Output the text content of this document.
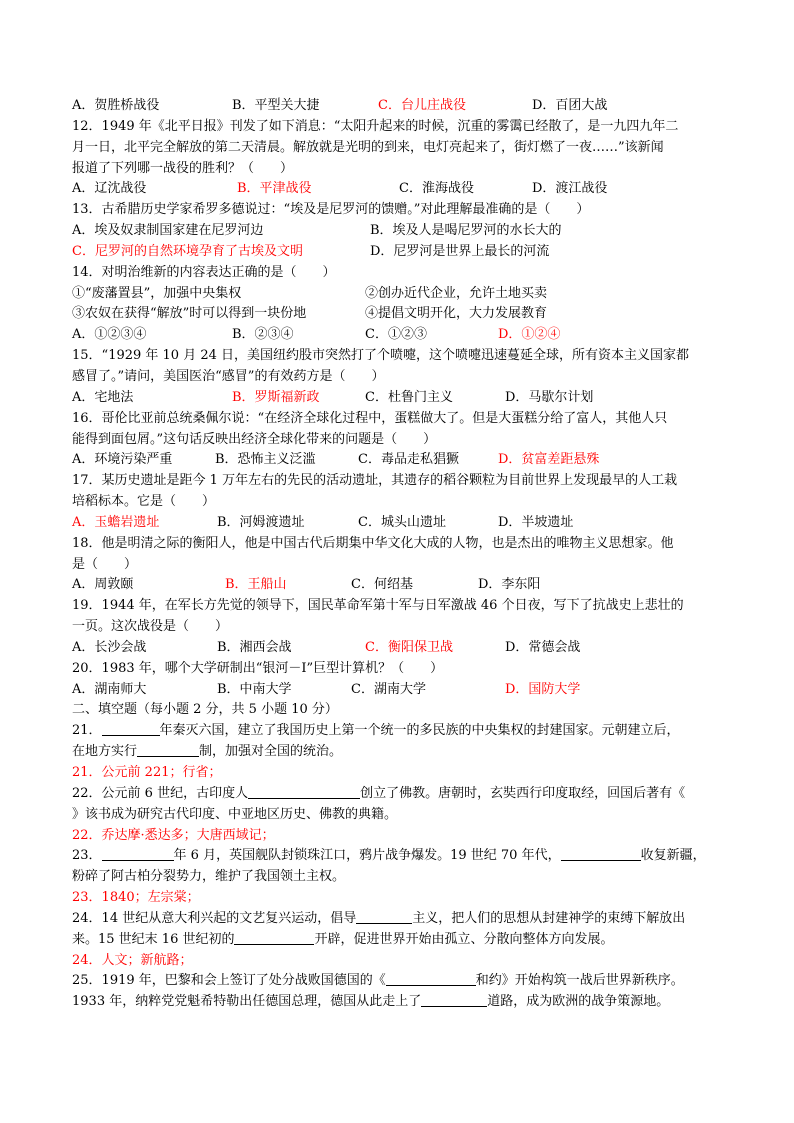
A．贺胜桥战役	B．平型关大捷	C．台儿庄战役	D．百团大战
12．1949 年《北平日报》刊发了如下消息：“太阳升起来的时候，沉重的雾霭已经散了，是一九四九年二
月一日，北平完全解放的第二天清晨。解放就是光明的到来，电灯亮起来了，街灯燃了一夜……”该新闻
报道了下列哪一战役的胜利？（　　）
A．辽沈战役	B．平津战役	C．淮海战役	D．渡江战役
13．古希腊历史学家希罗多德说过：“埃及是尼罗河的馈赠。”对此理解最准确的是（　　）
A．埃及奴隶制国家建在尼罗河边	B．埃及人是喝尼罗河的水长大的
C．尼罗河的自然环境孕育了古埃及文明	D．尼罗河是世界上最长的河流
14．对明治维新的内容表达正确的是（　　）
①“废藩置县”，加强中央集权	②创办近代企业，允许土地买卖
③农奴在获得“解放”时可以得到一块份地	④提倡文明开化，大力发展教育
A．①②③④	B．②③④	C．①②③	D．①②④
15．“1929 年 10 月 24 日，美国纽约股市突然打了个喷嚏，这个喷嚏迅速蔓延全球，所有资本主义国家都
感冒了。”请问，美国医治“感冒”的有效药方是（　　）
A．宅地法	B．罗斯福新政	C．杜鲁门主义	D．马歇尔计划
16．哥伦比亚前总统桑佩尔说：“在经济全球化过程中，蛋糕做大了。但是大蛋糕分给了富人，其他人只
能得到面包屑。”这句话反映出经济全球化带来的问题是（　　）
A．环境污染严重	B．恐怖主义泛滥	C．毒品走私猖獗	D．贫富差距悬殊
17．某历史遗址是距今 1 万年左右的先民的活动遗址，其遗存的稻谷颗粒为目前世界上发现最早的人工栽
培稻标本。它是（　　）
A．玉蟾岩遗址	B．河姆渡遗址	C．城头山遗址	D．半坡遗址
18．他是明清之际的衡阳人，他是中国古代后期集中华文化大成的人物，也是杰出的唯物主义思想家。他
是（　　）
A．周敦颐	B．王船山	C．何绍基	D．李东阳
19．1944 年，在军长方先觉的领导下，国民革命军第十军与日军激战 46 个日夜，写下了抗战史上悲壮的
一页。这次战役是（　　）
A．长沙会战	B．湘西会战	C．衡阳保卫战	D．常德会战
20．1983 年，哪个大学研制出“银河－Ⅰ”巨型计算机？（　　）
A．湖南师大	B．中南大学	C．湖南大学	D．国防大学
二、填空题（每小题 2 分，共 5 小题 10 分）
21．	年秦灭六国，建立了我国历史上第一个统一的多民族的中央集权的封建国家。元朝建立后，
在地方实行	制，加强对全国的统治。
21．公元前 221；行省；
22．公元前 6 世纪，古印度人	创立了佛教。唐朝时，玄奘西行印度取经，回国后著有《
》该书成为研究古代印度、中亚地区历史、佛教的典籍。
22．乔达摩·悉达多；大唐西域记；
23．	年 6 月，英国舰队封锁珠江口，鸦片战争爆发。19 世纪 70 年代，	收复新疆，
粉碎了阿古柏分裂势力，维护了我国领土主权。
23．1840；左宗棠；
24．14 世纪从意大利兴起的文艺复兴运动，倡导	主义，把人们的思想从封建神学的束缚下解放出
来。15 世纪末 16 世纪初的	开辟，促进世界开始由孤立、分散向整体方向发展。
24．人文；新航路；
25．1919 年，巴黎和会上签订了处分战败国德国的《	和约》开始构筑一战后世界新秩序。
1933 年，纳粹党党魁希特勒出任德国总理，德国从此走上了	道路，成为欧洲的战争策源地。
